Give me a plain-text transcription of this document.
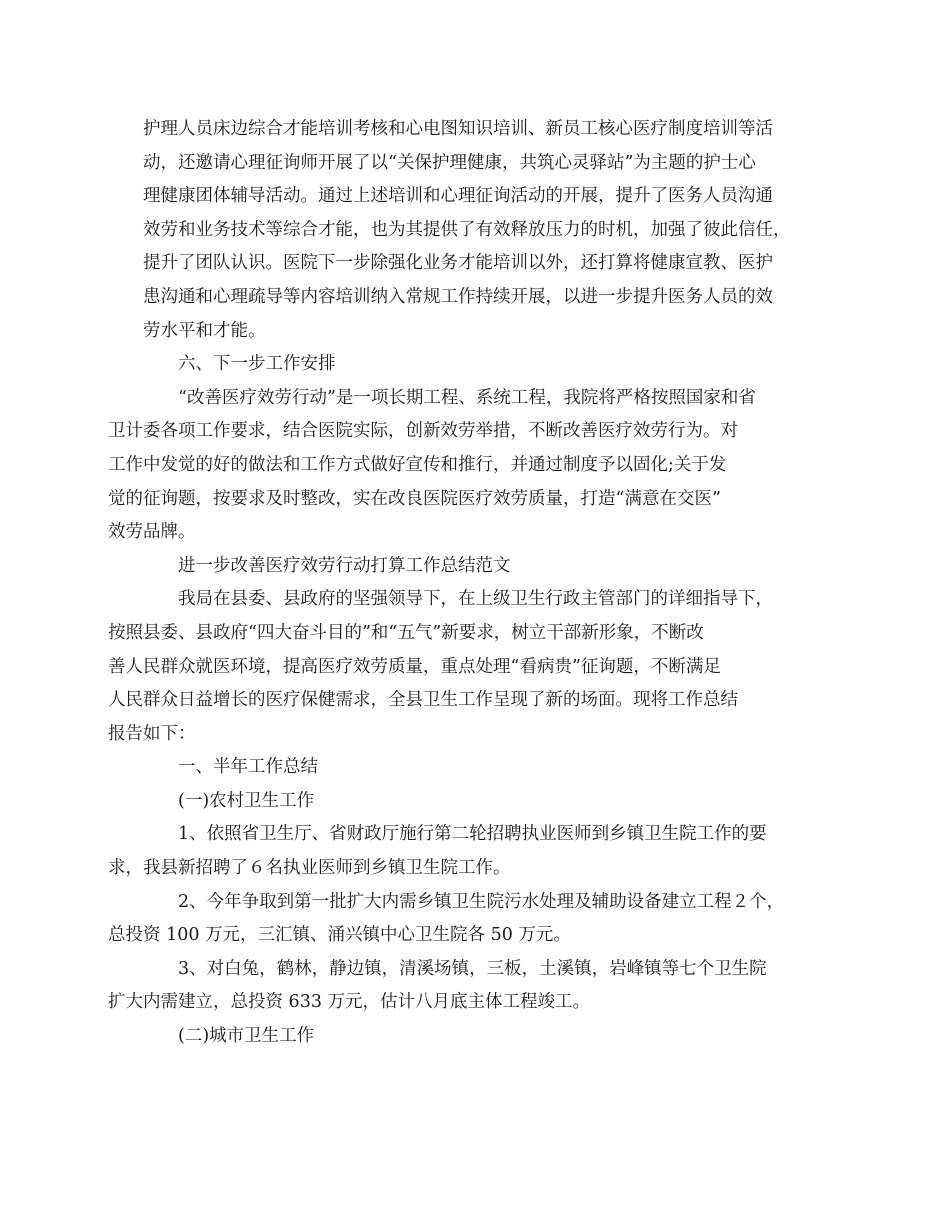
护理人员床边综合才能培训考核和心电图知识培训、新员工核心医疗制度培训等活
动，还邀请心理征询师开展了以“关保护理健康，共筑心灵驿站”为主题的护士心
理健康团体辅导活动。通过上述培训和心理征询活动的开展，提升了医务人员沟通
效劳和业务技术等综合才能，也为其提供了有效释放压力的时机，加强了彼此信任，
提升了团队认识。医院下一步除强化业务才能培训以外，还打算将健康宣教、医护
患沟通和心理疏导等内容培训纳入常规工作持续开展，以进一步提升医务人员的效
劳水平和才能。
六、下一步工作安排
“改善医疗效劳行动”是一项长期工程、系统工程，我院将严格按照国家和省
卫计委各项工作要求，结合医院实际，创新效劳举措，不断改善医疗效劳行为。对
工作中发觉的好的做法和工作方式做好宣传和推行，并通过制度予以固化;关于发
觉的征询题，按要求及时整改，实在改良医院医疗效劳质量，打造“满意在交医”
效劳品牌。
进一步改善医疗效劳行动打算工作总结范文
我局在县委、县政府的坚强领导下，在上级卫生行政主管部门的详细指导下，
按照县委、县政府“四大奋斗目的”和“五气”新要求，树立干部新形象，不断改
善人民群众就医环境，提高医疗效劳质量，重点处理“看病贵”征询题，不断满足
人民群众日益增长的医疗保健需求，全县卫生工作呈现了新的场面。现将工作总结
报告如下：
一、半年工作总结
(一)农村卫生工作
1、依照省卫生厅、省财政厅施行第二轮招聘执业医师到乡镇卫生院工作的要
求，我县新招聘了６名执业医师到乡镇卫生院工作。
2、今年争取到第一批扩大内需乡镇卫生院污水处理及辅助设备建立工程２个，
总投资 100 万元，三汇镇、涌兴镇中心卫生院各 50 万元。
3、对白兔，鹤林，静边镇，清溪场镇，三板，土溪镇，岩峰镇等七个卫生院
扩大内需建立，总投资 633 万元，估计八月底主体工程竣工。
(二)城市卫生工作
